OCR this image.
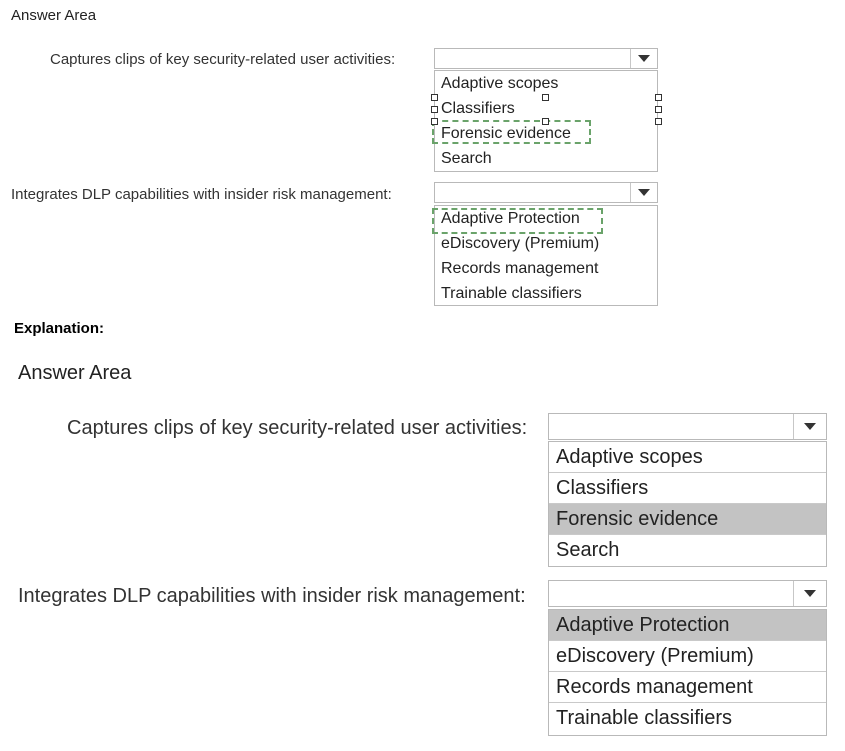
Answer Area
Captures clips of key security-related user activities:
Adaptive scopes
Classifiers
Forensic evidence
Search
Integrates DLP capabilities with insider risk management:
Adaptive Protection
eDiscovery (Premium)
Records management
Trainable classifiers
Explanation:
Answer Area
Captures clips of key security-related user activities:
Adaptive scopes
Classifiers
Forensic evidence
Search
Integrates DLP capabilities with insider risk management:
Adaptive Protection
eDiscovery (Premium)
Records management
Trainable classifiers
